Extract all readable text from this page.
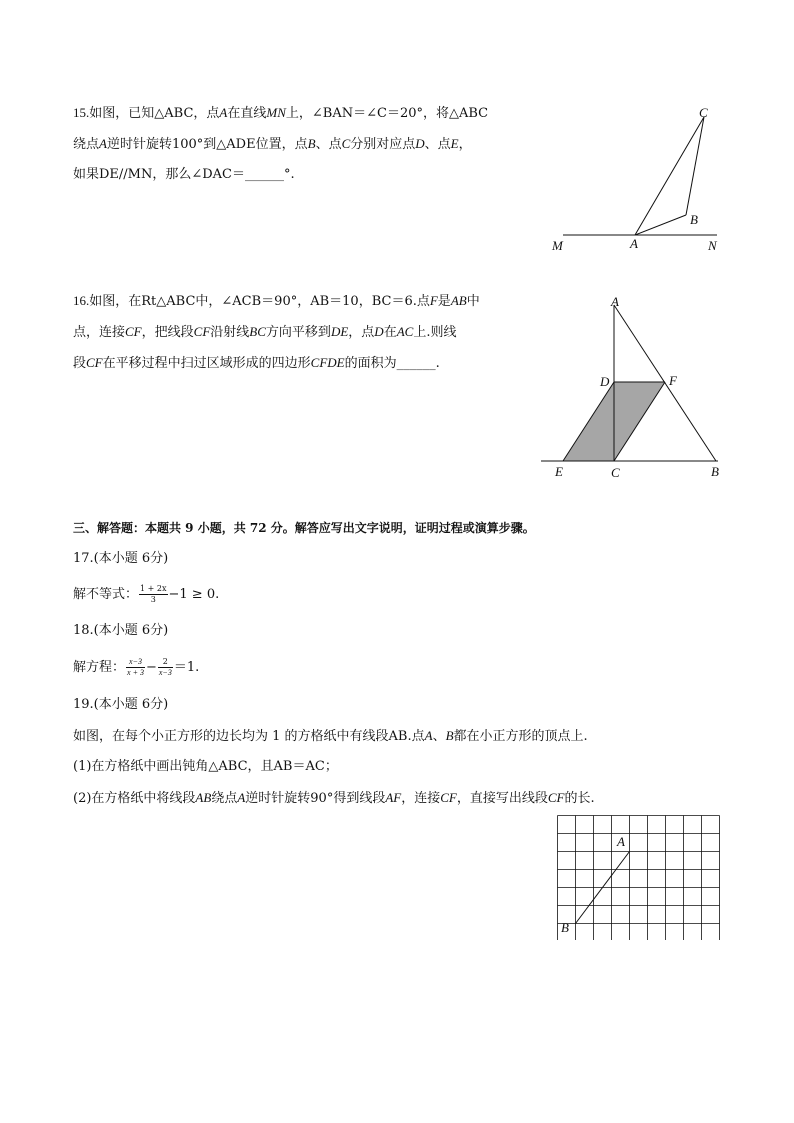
15.如图，已知△ABC，点A在直线MN上，∠BAN＝∠C＝20°，将△ABC
绕点A逆时针旋转100°到△ADE位置，点B、点C分别对应点D、点E，
如果DE//MN，那么∠DAC＝______°.
C
B
M	A	N
16.如图，在Rt△ABC中，∠ACB＝90°，AB＝10，BC＝6.点F是AB中
点，连接CF，把线段CF沿射线BC方向平移到DE，点D在AC上.则线
段CF在平移过程中扫过区域形成的四边形CFDE的面积为______.
A
D	F
E	C	B
三、解答题：本题共 9 小题，共 72 分。解答应写出文字说明，证明过程或演算步骤。
17.(本小题 6分)
解不等式： $\frac{1 + 2x}{3} -1 \ge 0$.
18.(本小题 6分)
解方程： $\frac{x-3}{x + 3} - \frac{2}{x-3} =1$.
19.(本小题 6分)
如图，在每个小正方形的边长均为 1 的方格纸中有线段AB.点A、B都在小正方形的顶点上.
(1)在方格纸中画出钝角△ABC，且AB＝AC；
(2)在方格纸中将线段AB绕点A逆时针旋转90°得到线段AF，连接CF，直接写出线段CF的长.
A
B
